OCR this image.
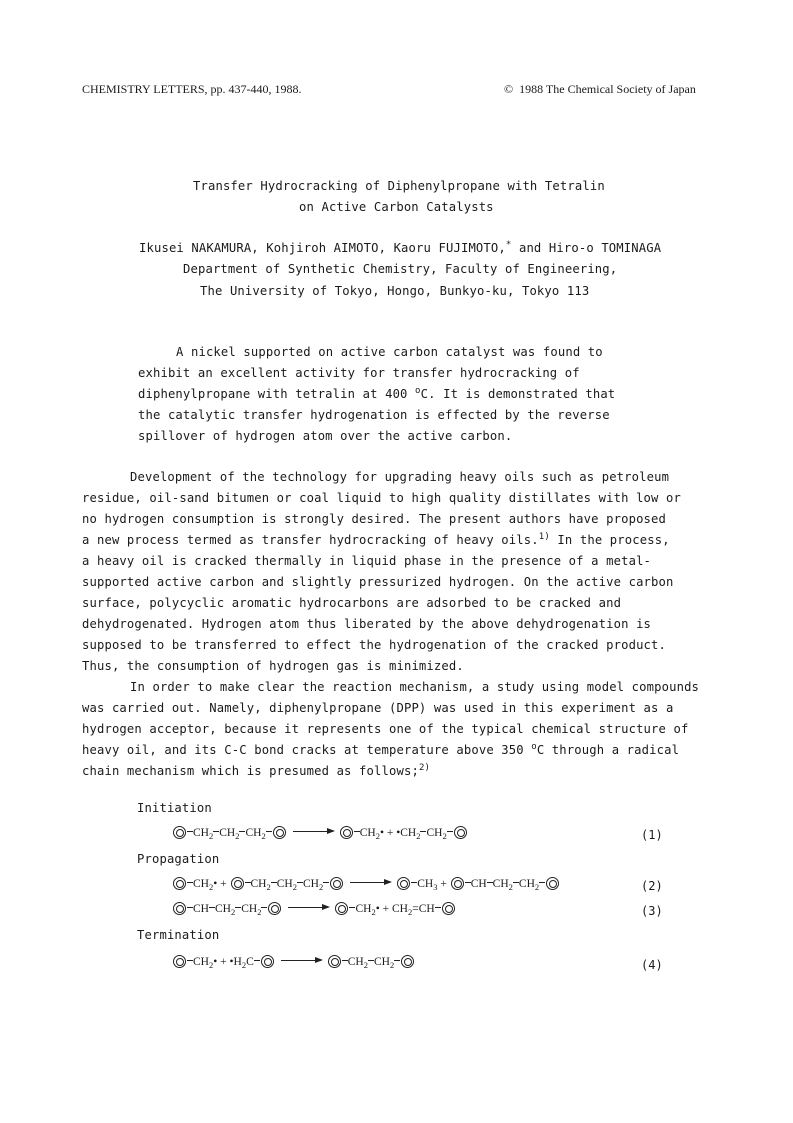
CHEMISTRY LETTERS, pp. 437-440, 1988.	© 1988 The Chemical Society of Japan
Transfer Hydrocracking of Diphenylpropane with Tetralin
on Active Carbon Catalysts
Ikusei NAKAMURA, Kohjiroh AIMOTO, Kaoru FUJIMOTO,* and Hiro-o TOMINAGA
Department of Synthetic Chemistry, Faculty of Engineering,
The University of Tokyo, Hongo, Bunkyo-ku, Tokyo 113
A nickel supported on active carbon catalyst was found to
exhibit an excellent activity for transfer hydrocracking of
diphenylpropane with tetralin at 400 $^o$C. It is demonstrated that
the catalytic transfer hydrogenation is effected by the reverse
spillover of hydrogen atom over the active carbon.
Development of the technology for upgrading heavy oils such as petroleum
residue, oil-sand bitumen or coal liquid to high quality distillates with low or
no hydrogen consumption is strongly desired. The present authors have proposed
a new process termed as transfer hydrocracking of heavy oils.$^{1)}$ In the process,
a heavy oil is cracked thermally in liquid phase in the presence of a metal-
supported active carbon and slightly pressurized hydrogen. On the active carbon
surface, polycyclic aromatic hydrocarbons are adsorbed to be cracked and
dehydrogenated. Hydrogen atom thus liberated by the above dehydrogenation is
supposed to be transferred to effect the hydrogenation of the cracked product.
Thus, the consumption of hydrogen gas is minimized.
In order to make clear the reaction mechanism, a study using model compounds
was carried out. Namely, diphenylpropane (DPP) was used in this experiment as a
hydrogen acceptor, because it represents one of the typical chemical structure of
heavy oil, and its C-C bond cracks at temperature above 350 $^o$C through a radical
chain mechanism which is presumed as follows;$^{2)}$
Initiation
$CH_2$ $CH_2$ $CH_2$	$CH_2•$ + $•CH_2$ $CH_2$	(1)
Propagation
$CH_2• + CH_2$ $CH_2$ $CH_2$	$CH_3$ + CH $CH_2$ $CH_2$	(2)
CH $CH_2$ $CH_2$	$CH_2• + CH_2=CH$	(3)
Termination
$CH_2•$ + $•H_2C$	$CH_2$ $CH_2$	(4)
